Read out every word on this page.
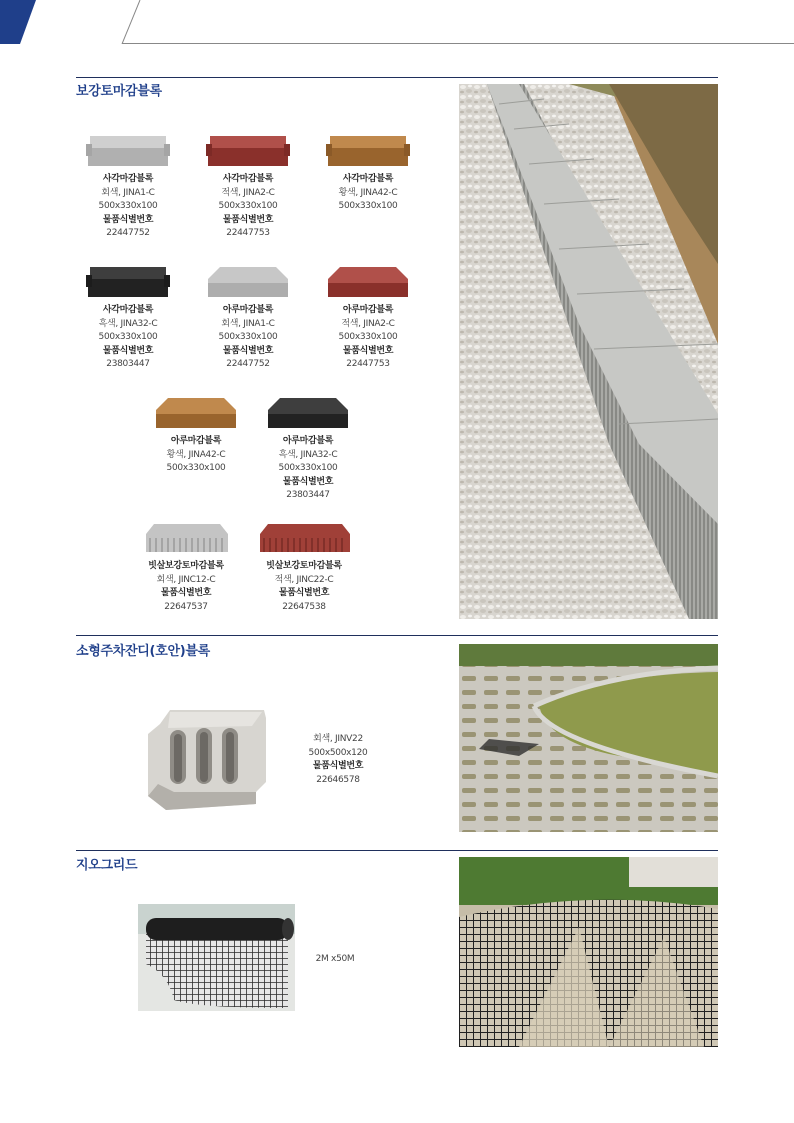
보강토마감블록
사각마감블록
회색, JINA1-C
500x330x100
물품식별번호
22447752
사각마감블록
적색, JINA2-C
500x330x100
물품식별번호
22447753
사각마감블록
황색, JINA42-C
500x330x100
사각마감블록
흑색, JINA32-C
500x330x100
물품식별번호
23803447
아루마감블록
회색, JINA1-C
500x330x100
물품식별번호
22447752
아루마감블록
적색, JINA2-C
500x330x100
물품식별번호
22447753
아루마감블록
황색, JINA42-C
500x330x100
아루마감블록
흑색, JINA32-C
500x330x100
물품식별번호
23803447
빗살보강토마감블록
회색, JINC12-C
물품식별번호
22647537
빗살보강토마감블록
적색, JINC22-C
물품식별번호
22647538
소형주차잔디(호안)블록
회색, JINV22
500x500x120
물품식별번호
22646578
지오그리드
2M x50M
